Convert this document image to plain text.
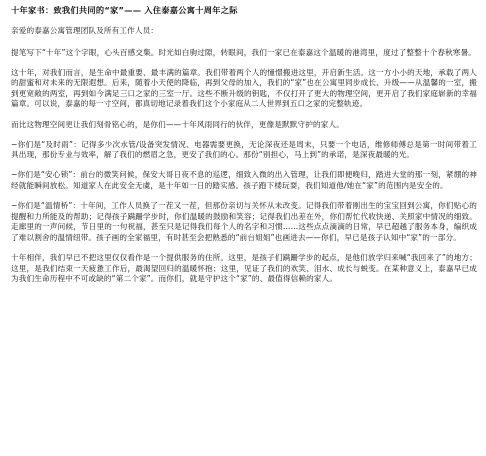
十年家书：致我们共同的“家”—— 入住泰嘉公寓十周年之际
亲爱的泰嘉公寓管理团队及所有工作人员：

提笔写下“十年”这个字眼，心头百感交集。时光如白驹过隙，转眼间，我们一家已在泰嘉这个温暖的港湾里，度过了整整十个春秋寒暑。

这十年，对我们而言，是生命中最重要、最丰满的篇章。我们带着两个人的憧憬搬进这里，开启新生活。这一方小小的天地，承载了两人的甜蜜和对未来的无限遐想。后来，随着小天使的降临，再到父母的加入，我们的“家”也在公寓里同步成长、升级——从温馨的一室，搬到更宽敞的两室，再到如今满足三口之家的三室一厅。这些不断升级的钥匙，不仅打开了更大的物理空间，更开启了我们家庭崭新的幸福篇章。可以说，泰嘉的每一寸空间，都真切地记录着我们这个小家庭从二人世界到五口之家的完整轨迹。

而比这物理空间更让我们刻骨铭心的，是你们——十年风雨同行的伙伴，更像是默默守护的家人。

~你们是“及时雨”：记得多少次水管/设备突发情况、电器需要更换，无论深夜还是周末，只要一个电话，维修师傅总是第一时间带着工具出现，那份专业与效率，解了我们的燃眉之急，更安了我们的心。那份“别担心，马上到”的承诺，是深夜最暖的光。

~你们是“安心锁”：前台的微笑问候，保安大哥日夜不息的巡逻，细致入微的出入管理，让我们即便晚归，踏进大堂的那一刻，紧绷的神经就能瞬间放松。知道家人在此安全无虞，是十年如一日的踏实感。孩子跑下楼玩耍，我们知道他/她在“家”的范围内是安全的。

~你们是“温情桥”：十年间，工作人员换了一茬又一茬，但那份亲切与关怀从未改变。记得我们带着刚出生的宝宝回到公寓，你们贴心的提醒和力所能及的帮助；记得孩子蹒跚学步时，你们温暖的鼓励和笑容；记得我们出差在外，你们帮忙代收快递、关照家中情况的细致。走廊里的一声问候，节日里的一句祝福，甚至只是记得我们每个人的名字和习惯……这些点点滴滴的日常，早已超越了服务本身，编织成了难以割舍的温情纽带。孩子画的全家福里，有时甚至会把熟悉的“前台姐姐”也画进去——你们，早已是孩子认知中“家”的一部分。

十年相伴，我们早已不把这里仅仅看作是一个提供服务的住所。这里，是孩子们蹒跚学步的起点，是他们放学归来喊“我回来了”的地方；这里，是我们结束一天疲惫工作后，最渴望回归的温暖怀抱；这里，见证了我们的欢笑、泪水、成长与蜕变。在某种意义上，泰嘉早已成为我们生命历程中不可或缺的“第二个家”。而你们，就是守护这个“家”的、最值得信赖的家人。
